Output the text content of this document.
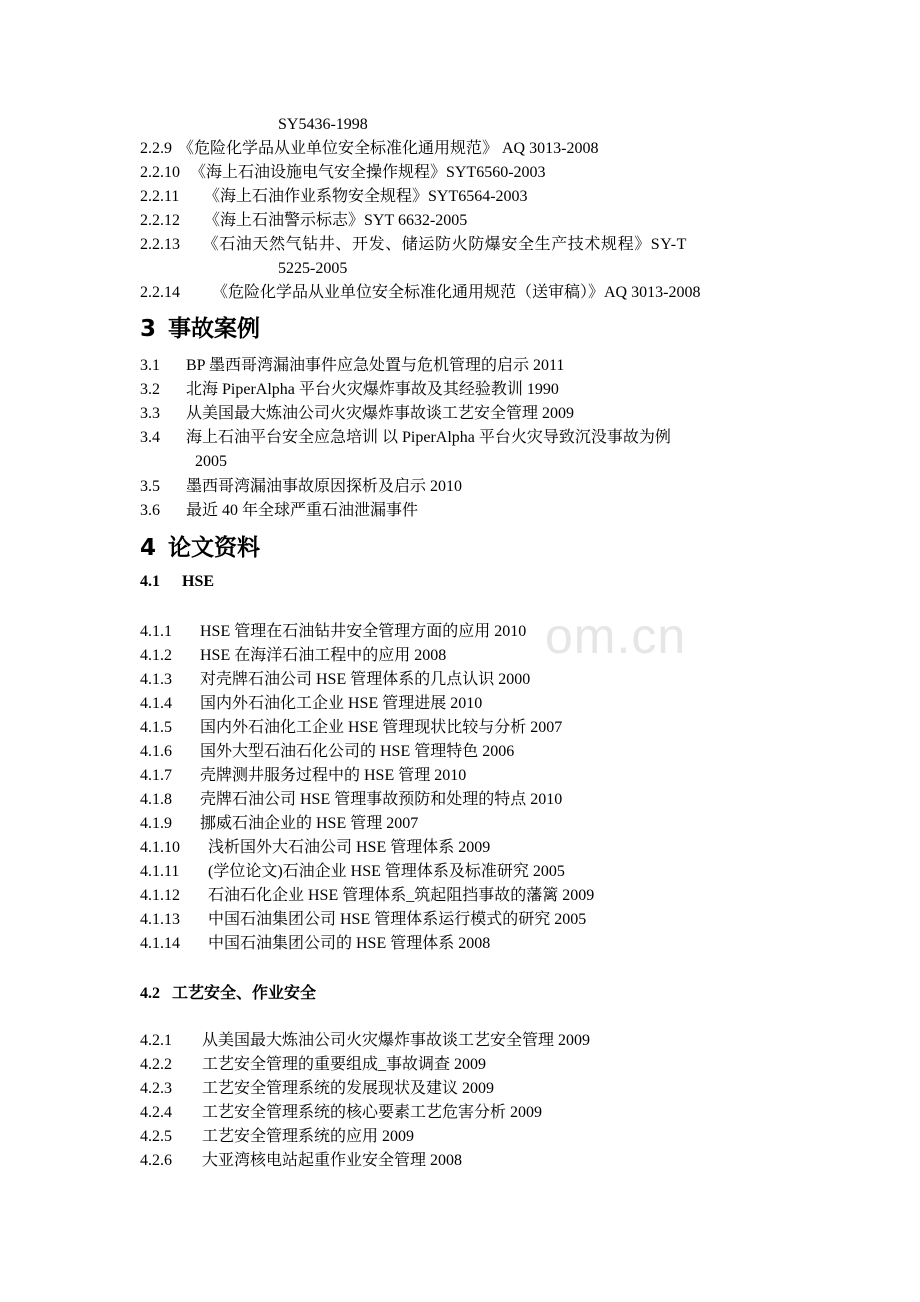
om.cn
SY5436-1998
2.2.9 《危险化学品从业单位安全标准化通用规范》 AQ 3013-2008
2.2.10 《海上石油设施电气安全操作规程》SYT6560-2003
2.2.11 《海上石油作业系物安全规程》SYT6564-2003
2.2.12 《海上石油警示标志》SYT 6632-2005
2.2.13 《石油天然气钻井、开发、储运防火防爆安全生产技术规程》SY-T
5225-2005
2.2.14 《危险化学品从业单位安全标准化通用规范（送审稿）》AQ 3013-2008
3 事故案例
3.1 BP 墨西哥湾漏油事件应急处置与危机管理的启示 2011
3.2 北海 PiperAlpha 平台火灾爆炸事故及其经验教训 1990
3.3 从美国最大炼油公司火灾爆炸事故谈工艺安全管理 2009
3.4 海上石油平台安全应急培训 以 PiperAlpha 平台火灾导致沉没事故为例
2005
3.5 墨西哥湾漏油事故原因探析及启示 2010
3.6 最近 40 年全球严重石油泄漏事件
4 论文资料
4.1 HSE
4.1.1 HSE 管理在石油钻井安全管理方面的应用 2010
4.1.2 HSE 在海洋石油工程中的应用 2008
4.1.3 对壳牌石油公司 HSE 管理体系的几点认识 2000
4.1.4 国内外石油化工企业 HSE 管理进展 2010
4.1.5 国内外石油化工企业 HSE 管理现状比较与分析 2007
4.1.6 国外大型石油石化公司的 HSE 管理特色 2006
4.1.7 壳牌测井服务过程中的 HSE 管理 2010
4.1.8 壳牌石油公司 HSE 管理事故预防和处理的特点 2010
4.1.9 挪威石油企业的 HSE 管理 2007
4.1.10 浅析国外大石油公司 HSE 管理体系 2009
4.1.11 (学位论文)石油企业 HSE 管理体系及标准研究 2005
4.1.12 石油石化企业 HSE 管理体系_筑起阻挡事故的藩篱 2009
4.1.13 中国石油集团公司 HSE 管理体系运行模式的研究 2005
4.1.14 中国石油集团公司的 HSE 管理体系 2008
4.2 工艺安全、作业安全
4.2.1 从美国最大炼油公司火灾爆炸事故谈工艺安全管理 2009
4.2.2 工艺安全管理的重要组成_事故调查 2009
4.2.3 工艺安全管理系统的发展现状及建议 2009
4.2.4 工艺安全管理系统的核心要素工艺危害分析 2009
4.2.5 工艺安全管理系统的应用 2009
4.2.6 大亚湾核电站起重作业安全管理 2008
